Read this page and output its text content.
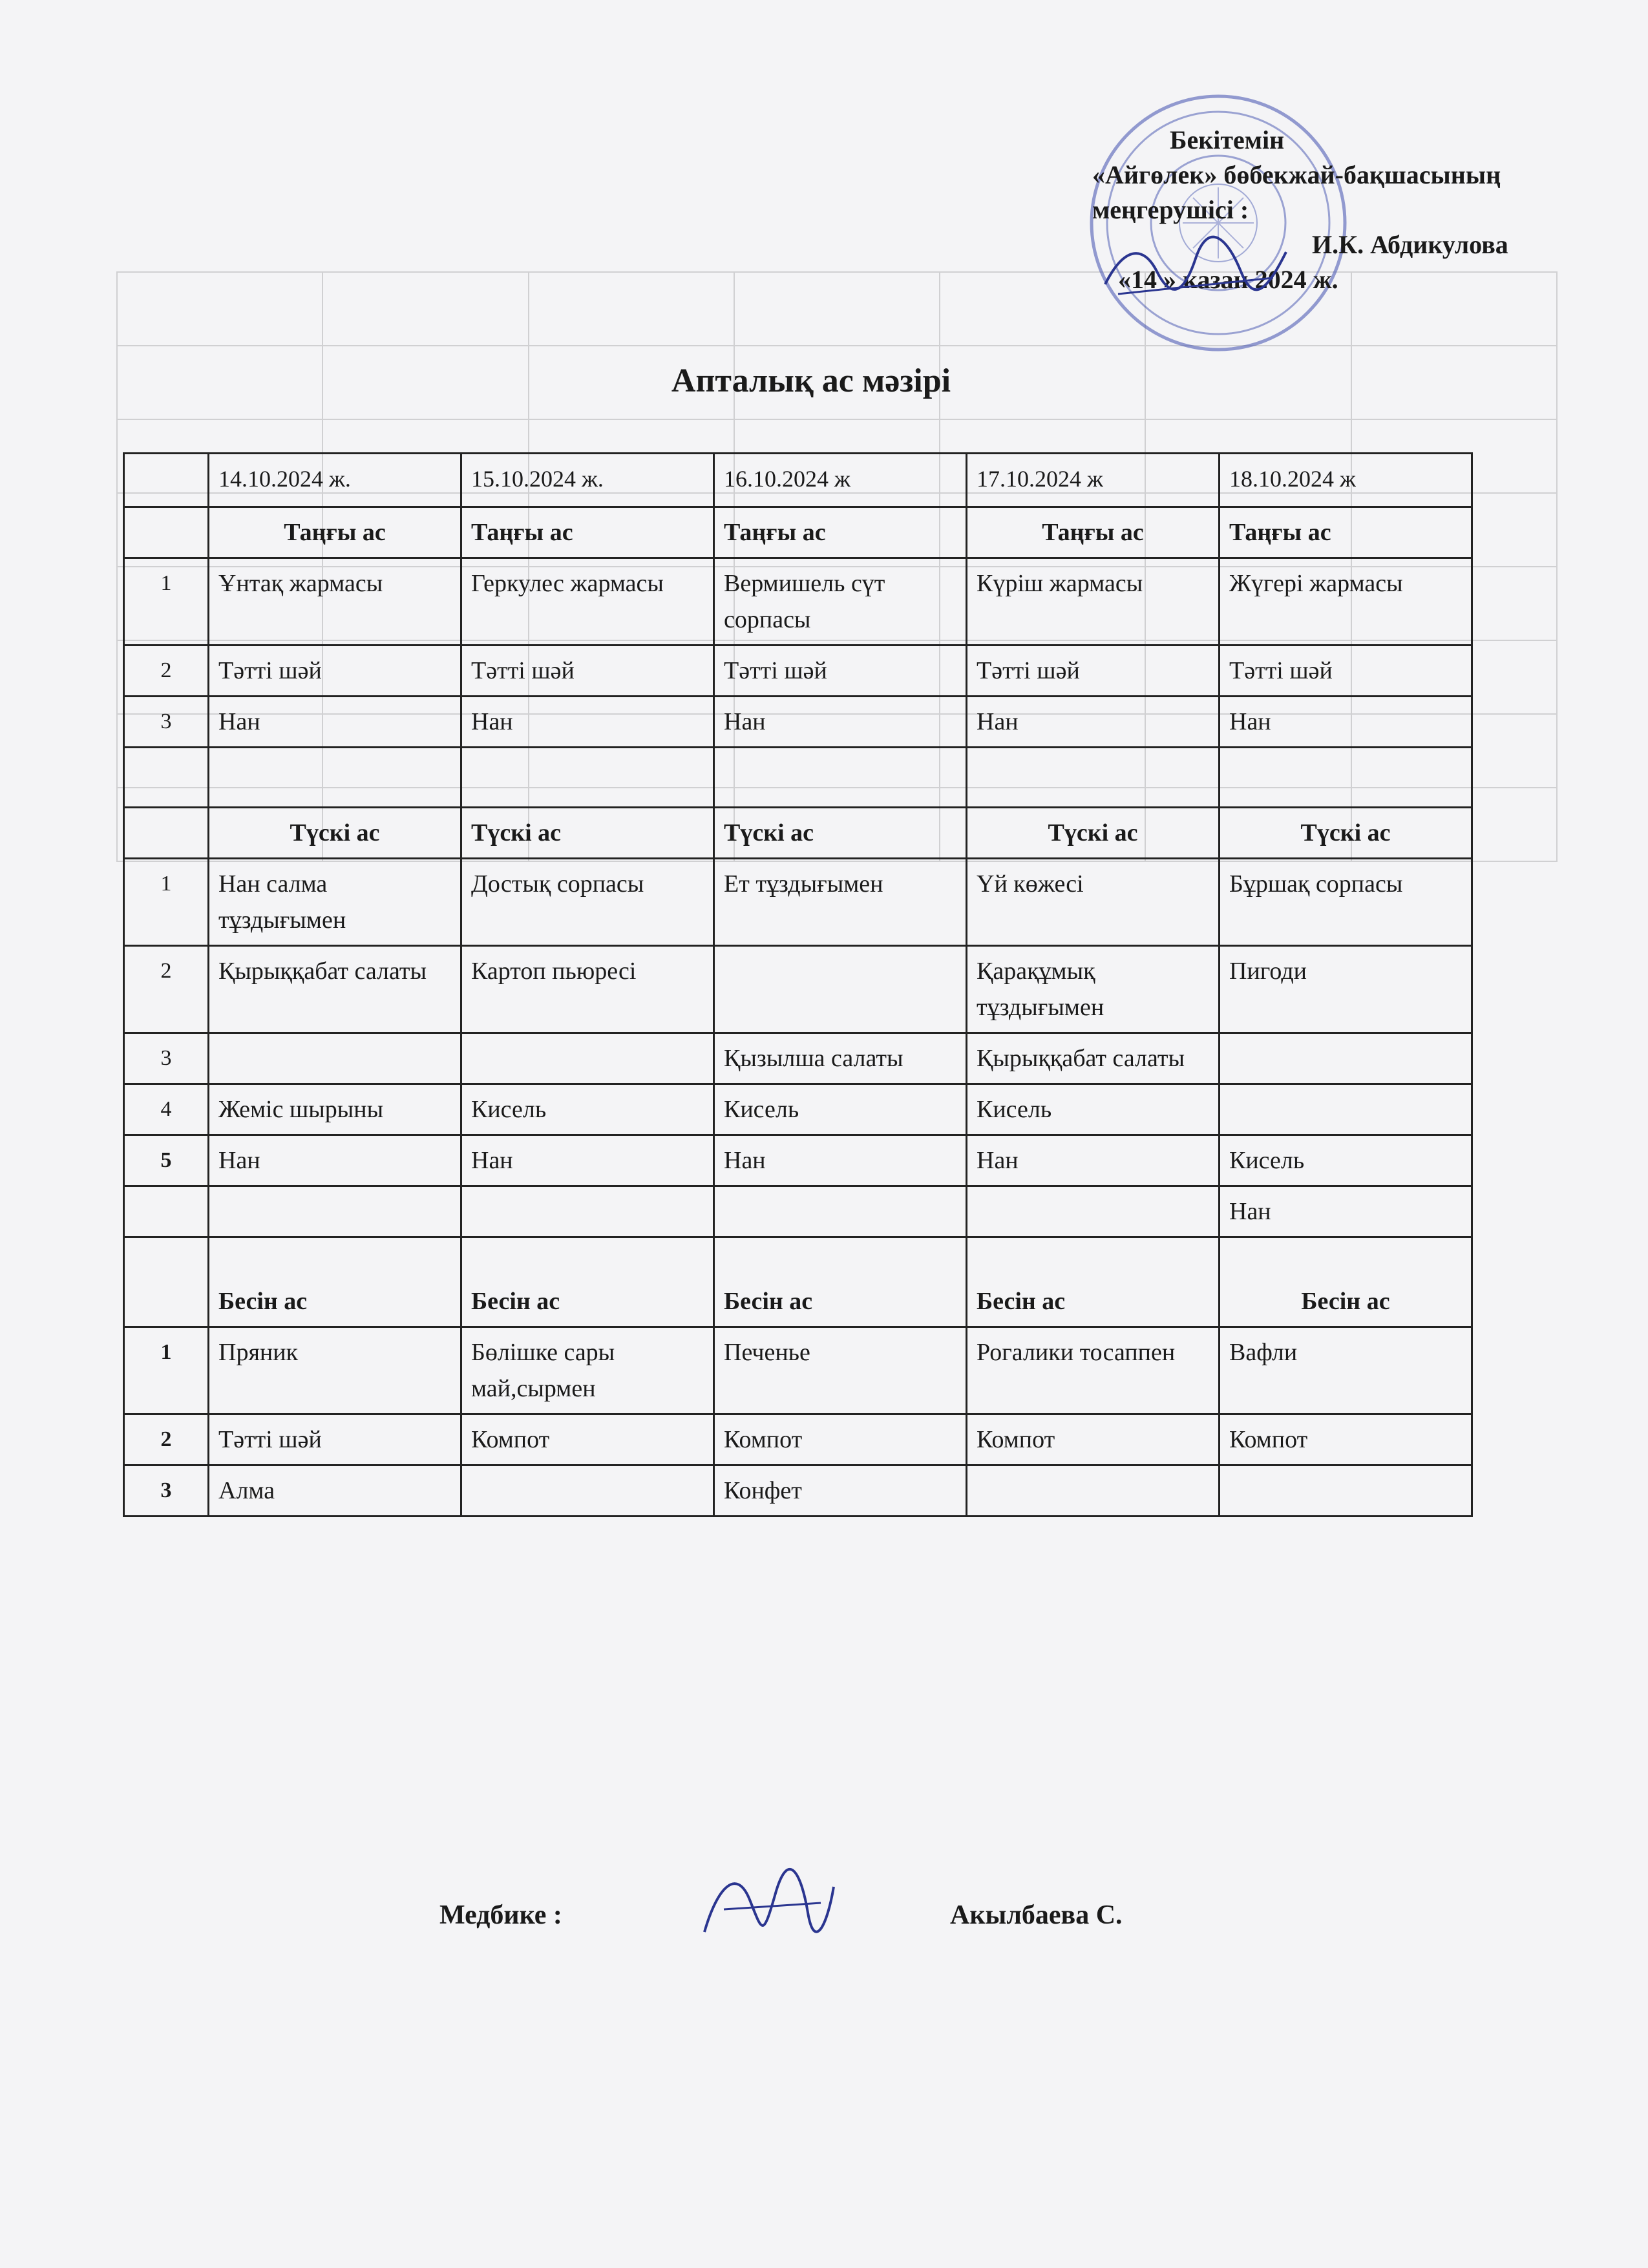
Бекітемін
«Айгөлек» бөбекжай-бақшасының
меңгерушісі :
И.К. Абдикулова
«14 » казан 2024 ж.
Апталық ас мәзірі
	14.10.2024 ж.	15.10.2024 ж.	16.10.2024 ж	17.10.2024 ж	18.10.2024 ж
	Таңғы ас	Таңғы ас	Таңғы ас	Таңғы ас	Таңғы ас
1	Ұнтақ жармасы	Геркулес жармасы	Вермишель сүт сорпасы	Күріш жармасы	Жүгері жармасы
2	Тәтті шәй	Тәтті шәй	Тәтті шәй	Тәтті шәй	Тәтті шәй
3	Нан	Нан	Нан	Нан	Нан

	Түскі ас	Түскі ас	Түскі ас	Түскі ас	Түскі ас
1	Нан салма тұздығымен	Достық сорпасы	Ет тұздығымен	Үй көжесі	Бұршақ сорпасы
2	Қырыққабат салаты	Картоп пьюресі		Қарақұмық тұздығымен	Пигоди
3			Қызылша салаты	Қырыққабат салаты	
4	Жеміс шырыны	Кисель	Кисель	Кисель	
5	Нан	Нан	Нан	Нан	Кисель
					Нан
	Бесін ас	Бесін ас	Бесін ас	Бесін ас	Бесін ас
1	Пряник	Бөлішке сары май,сырмен	Печенье	Рогалики тосаппен	Вафли
2	Тәтті шәй	Компот	Компот	Компот	Компот
3	Алма		Конфет		
Медбике :	Акылбаева С.
